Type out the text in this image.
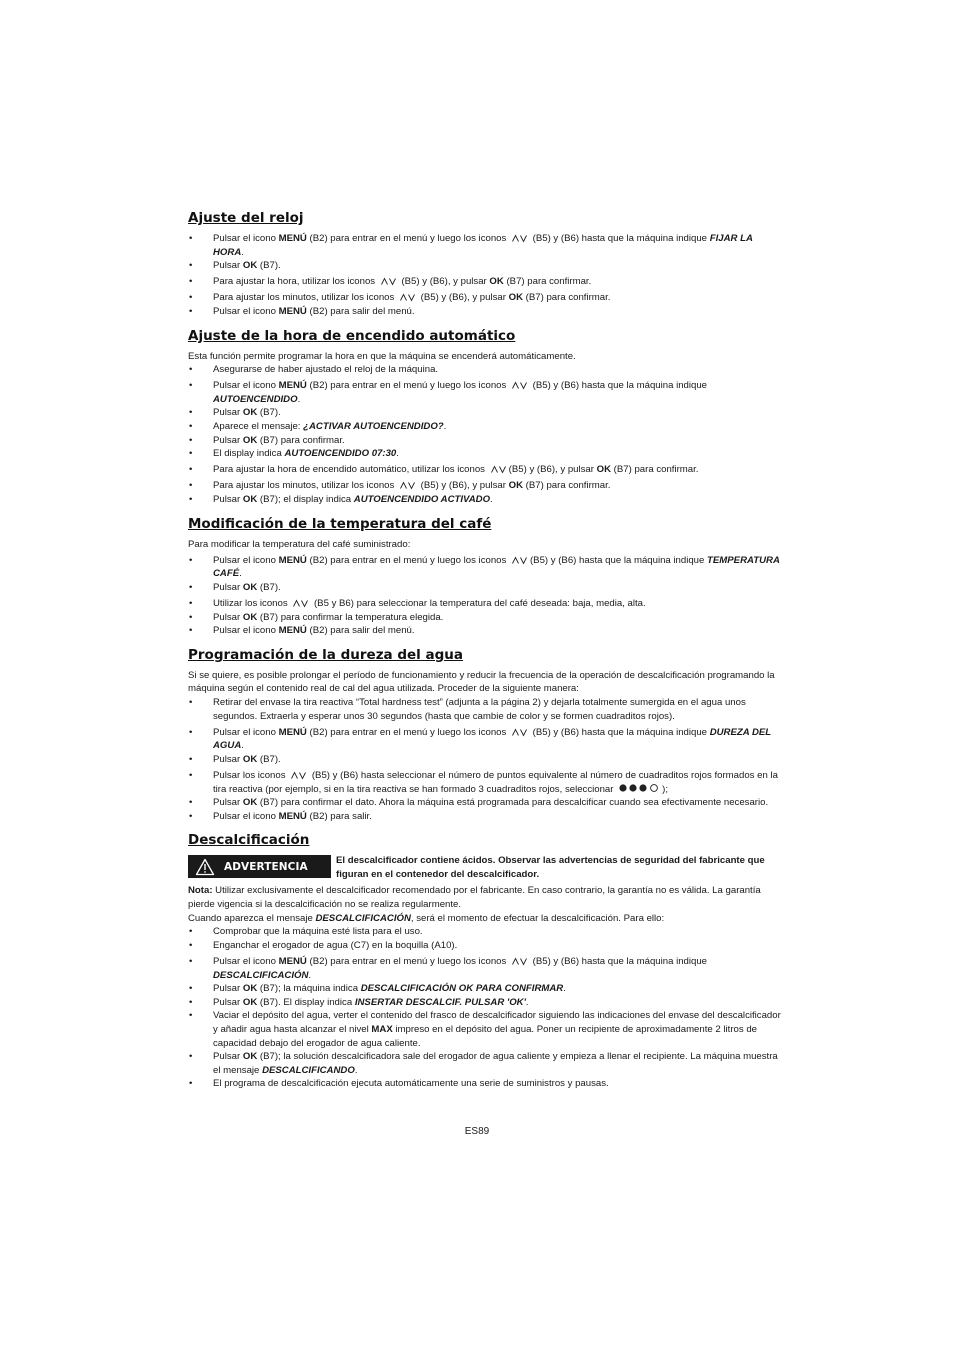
Ajuste del reloj
• Pulsar el icono MENÚ (B2) para entrar en el menú y luego los iconos  (B5) y (B6) hasta que la máquina indique FIJAR LA HORA.
• Pulsar OK (B7).
• Para ajustar la hora, utilizar los iconos  (B5) y (B6), y pulsar OK (B7) para confirmar.
• Para ajustar los minutos, utilizar los iconos  (B5) y (B6), y pulsar OK (B7) para confirmar.
• Pulsar el icono MENÚ (B2) para salir del menú.
Ajuste de la hora de encendido automático

Esta función permite programar la hora en que la máquina se encenderá automáticamente.

• Asegurarse de haber ajustado el reloj de la máquina.
• Pulsar el icono MENÚ (B2) para entrar en el menú y luego los iconos  (B5) y (B6) hasta que la máquina indique AUTOENCENDIDO.
• Pulsar OK (B7).
• Aparece el mensaje: ¿ACTIVAR AUTOENCENDIDO?.
• Pulsar OK (B7) para confirmar.
• El display indica AUTOENCENDIDO 07:30.
• Para ajustar la hora de encendido automático, utilizar los iconos (B5) y (B6), y pulsar OK (B7) para confirmar.
• Para ajustar los minutos, utilizar los iconos  (B5) y (B6), y pulsar OK (B7) para confirmar.
• Pulsar OK (B7); el display indica AUTOENCENDIDO ACTIVADO.
Modificación de la temperatura del café

Para modificar la temperatura del café suministrado:

• Pulsar el icono MENÚ (B2) para entrar en el menú y luego los iconos (B5) y (B6) hasta que la máquina indique TEMPERATURA CAFÉ.
• Pulsar OK (B7).
• Utilizar los iconos  (B5 y B6) para seleccionar la temperatura del café deseada: baja, media, alta.
• Pulsar OK (B7) para confirmar la temperatura elegida.
• Pulsar el icono MENÚ (B2) para salir del menú.
Programación de la dureza del agua

Si se quiere, es posible prolongar el período de funcionamiento y reducir la frecuencia de la operación de descalcificación programando la máquina según el contenido real de cal del agua utilizada. Proceder de la siguiente manera:

• Retirar del envase la tira reactiva “Total hardness test” (adjunta a la página 2) y dejarla totalmente sumergida en el agua unos segundos. Extraerla y esperar unos 30 segundos (hasta que cambie de color y se formen cuadraditos rojos).
• Pulsar el icono MENÚ (B2) para entrar en el menú y luego los iconos  (B5) y (B6) hasta que la máquina indique DUREZA DEL AGUA.
• Pulsar OK (B7).
• Pulsar los iconos  (B5) y (B6) hasta seleccionar el número de puntos equivalente al número de cuadraditos rojos formados en la tira reactiva (por ejemplo, si en la tira reactiva se han formado 3 cuadraditos rojos, seleccionar	);
• Pulsar OK (B7) para confirmar el dato. Ahora la máquina está programada para descalcificar cuando sea efectivamente necesario.
• Pulsar el icono MENÚ (B2) para salir.
Descalcificación
ADVERTENCIA	El descalcificador contiene ácidos. Observar las advertencias de seguridad del fabricante que figuran en el contenedor del descalcificador.

Nota: Utilizar exclusivamente el descalcificador recomendado por el fabricante. En caso contrario, la garantía no es válida. La garantía pierde vigencia si la descalcificación no se realiza regularmente.

Cuando aparezca el mensaje DESCALCIFICACIÓN, será el momento de efectuar la descalcificación. Para ello:

• Comprobar que la máquina esté lista para el uso.
• Enganchar el erogador de agua (C7) en la boquilla (A10).
• Pulsar el icono MENÚ (B2) para entrar en el menú y luego los iconos  (B5) y (B6) hasta que la máquina indique DESCALCIFICACIÓN.
• Pulsar OK (B7); la máquina indica DESCALCIFICACIÓN OK PARA CONFIRMAR.
• Pulsar OK (B7). El display indica INSERTAR DESCALCIF. PULSAR 'OK'.
• Vaciar el depósito del agua, verter el contenido del frasco de descalcificador siguiendo las indicaciones del envase del descalcificador y añadir agua hasta alcanzar el nivel MAX impreso en el depósito del agua. Poner un recipiente de aproximadamente 2 litros de capacidad debajo del erogador de agua caliente.
• Pulsar OK (B7); la solución descalcificadora sale del erogador de agua caliente y empieza a llenar el recipiente. La máquina muestra el mensaje DESCALCIFICANDO.
• El programa de descalcificación ejecuta automáticamente una serie de suministros y pausas.
ES89
